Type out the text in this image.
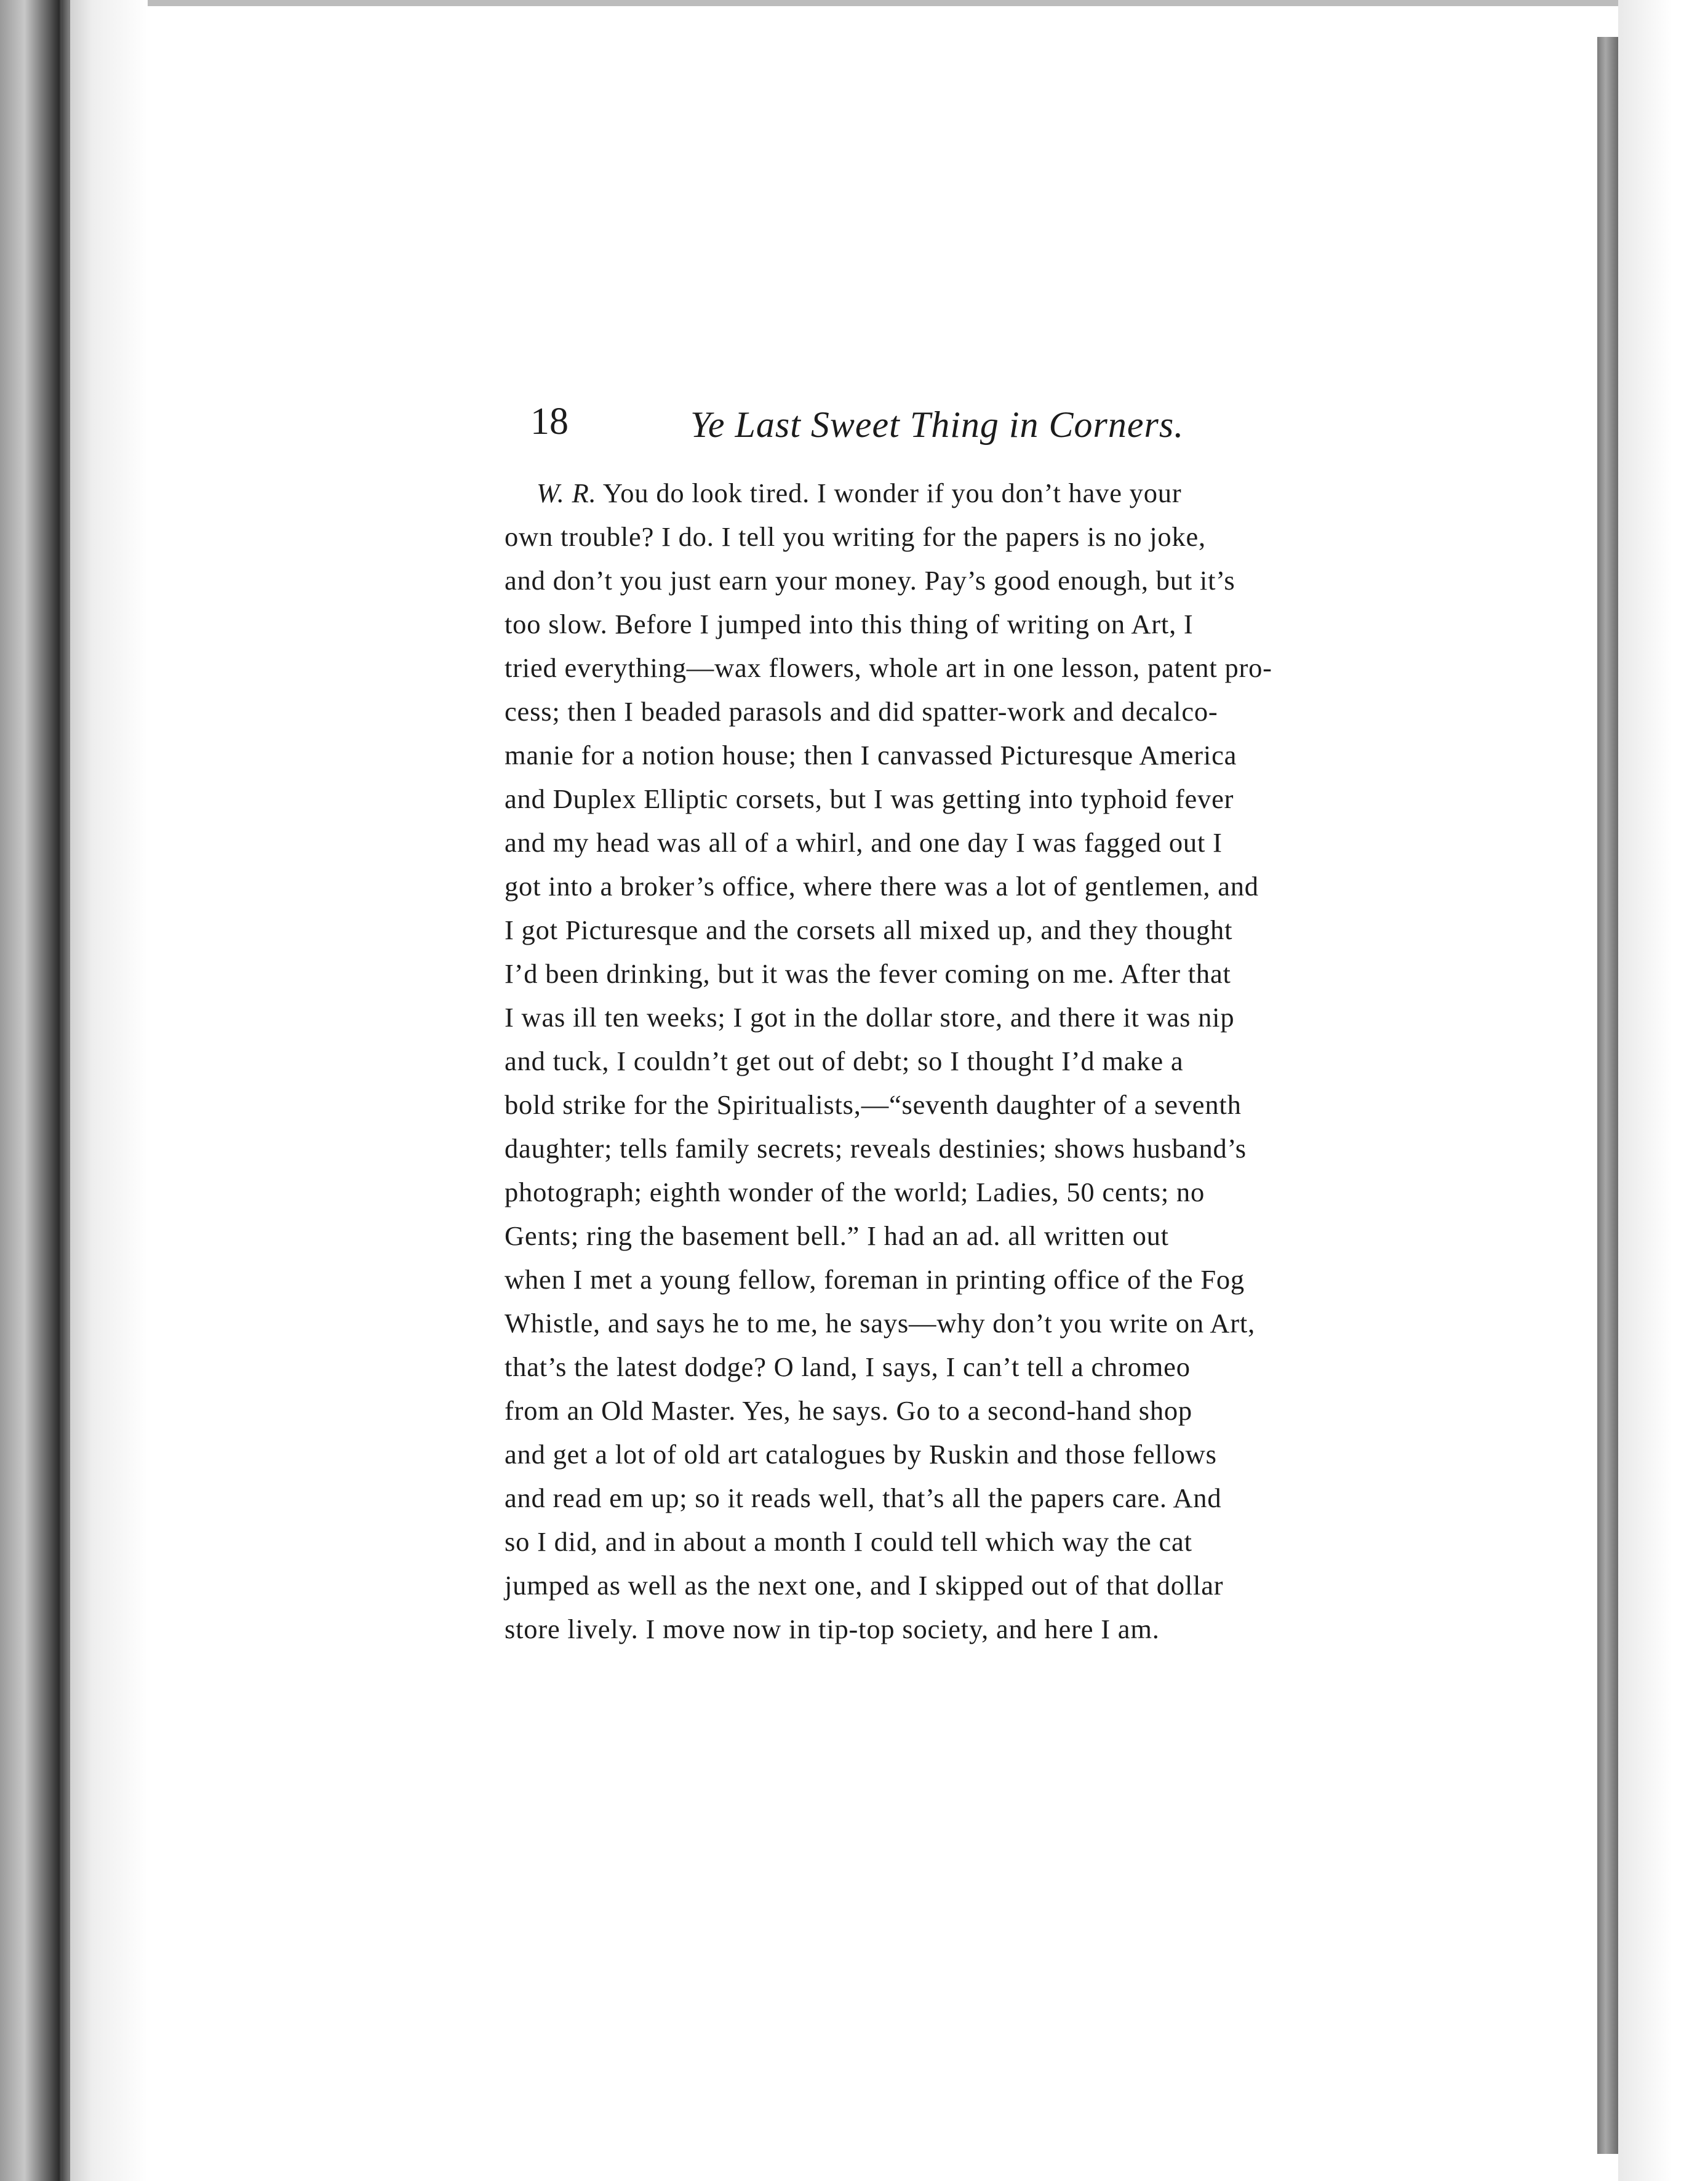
18	Ye Last Sweet Thing in Corners.
W. R. You do look tired. I wonder if you don’t have your
own trouble? I do. I tell you writing for the papers is no joke,
and don’t you just earn your money. Pay’s good enough, but it’s
too slow. Before I jumped into this thing of writing on Art, I
tried everything—wax flowers, whole art in one lesson, patent pro-
cess; then I beaded parasols and did spatter-work and decalco-
manie for a notion house; then I canvassed Picturesque America
and Duplex Elliptic corsets, but I was getting into typhoid fever
and my head was all of a whirl, and one day I was fagged out I
got into a broker’s office, where there was a lot of gentlemen, and
I got Picturesque and the corsets all mixed up, and they thought
I’d been drinking, but it was the fever coming on me. After that
I was ill ten weeks; I got in the dollar store, and there it was nip
and tuck, I couldn’t get out of debt; so I thought I’d make a
bold strike for the Spiritualists,—“seventh daughter of a seventh
daughter; tells family secrets; reveals destinies; shows husband’s
photograph; eighth wonder of the world; Ladies, 50 cents; no
Gents; ring the basement bell.” I had an ad. all written out
when I met a young fellow, foreman in printing office of the Fog
Whistle, and says he to me, he says—why don’t you write on Art,
that’s the latest dodge? O land, I says, I can’t tell a chromeo
from an Old Master. Yes, he says. Go to a second-hand shop
and get a lot of old art catalogues by Ruskin and those fellows
and read em up; so it reads well, that’s all the papers care. And
so I did, and in about a month I could tell which way the cat
jumped as well as the next one, and I skipped out of that dollar
store lively. I move now in tip-top society, and here I am.
